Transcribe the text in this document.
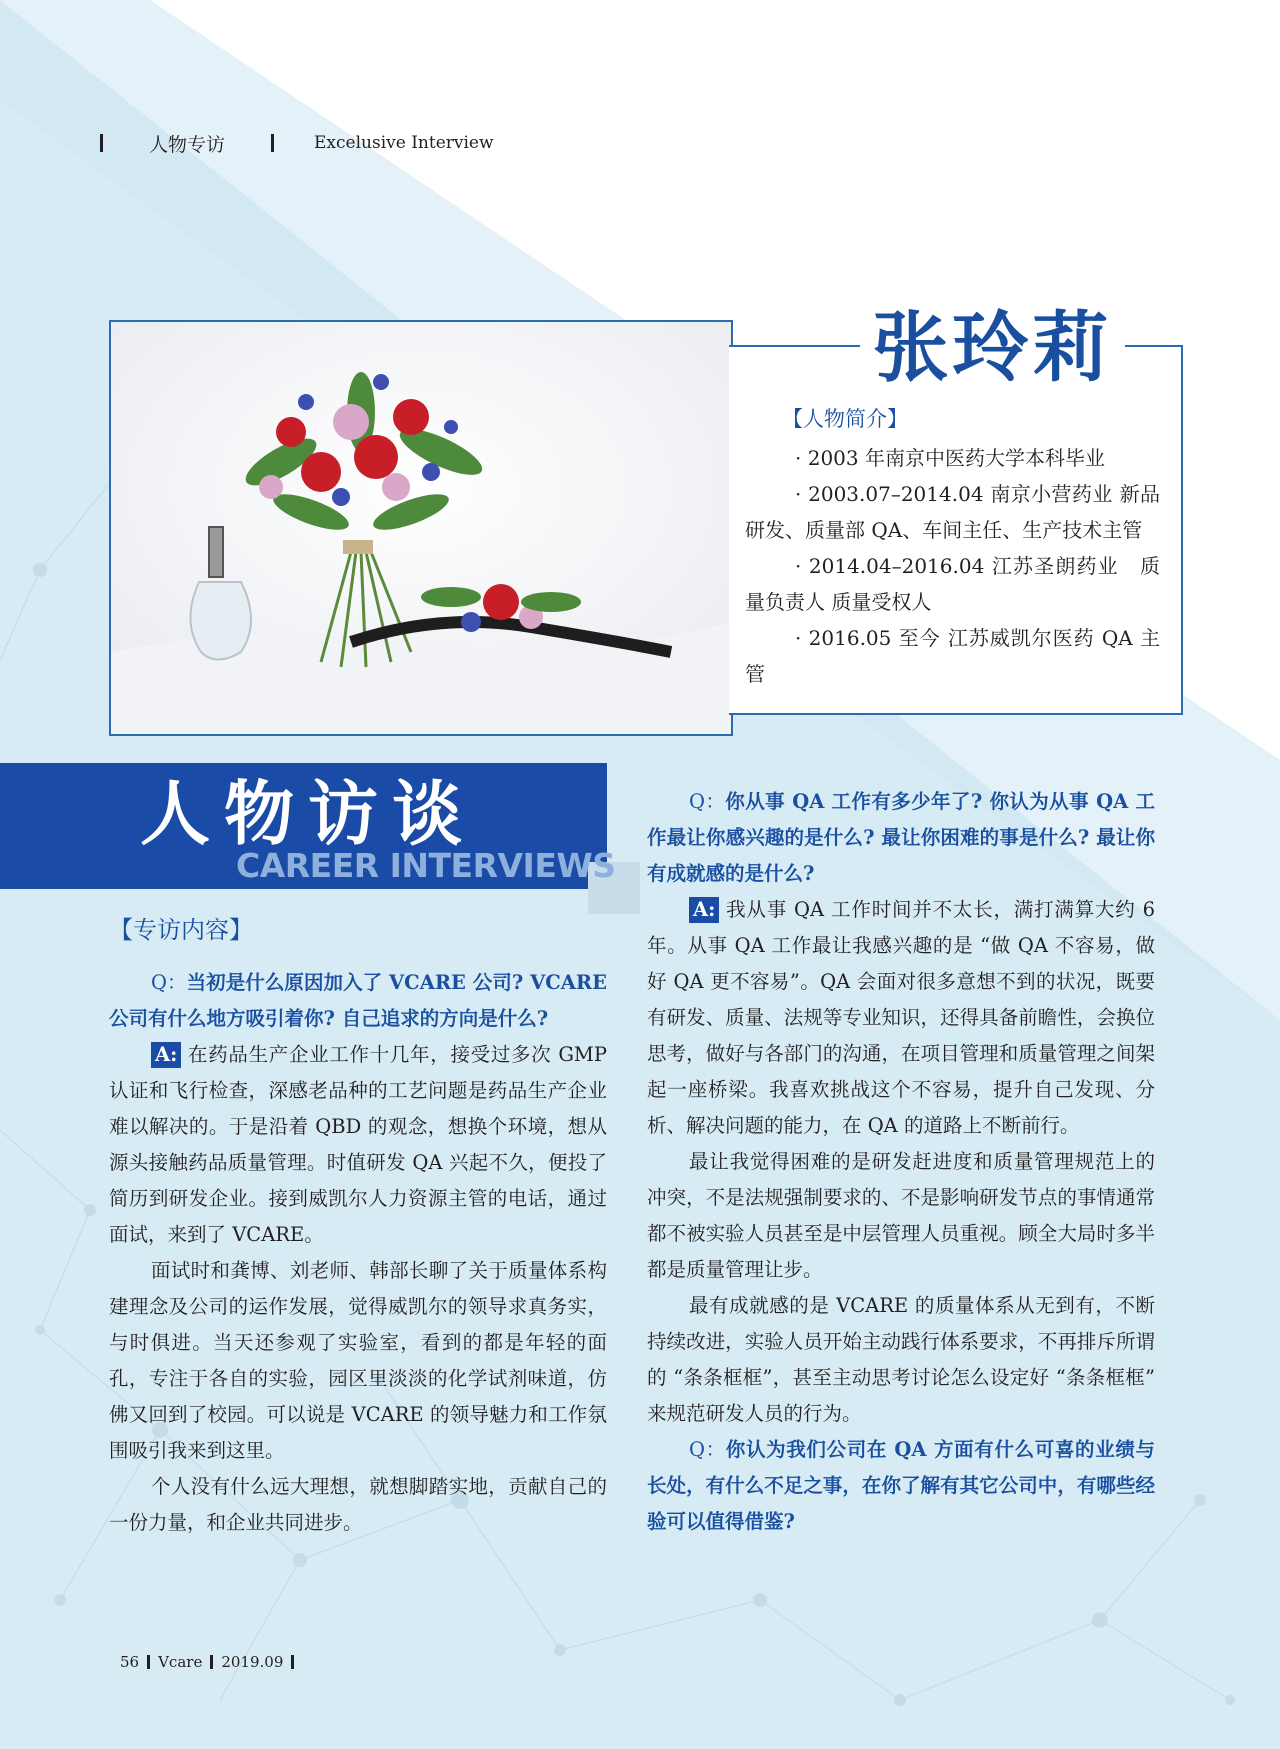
人物专访	Excelusive Interview
张玲莉
【人物简介】

· 2003 年南京中医药大学本科毕业

· 2003.07–2014.04 南京小营药业 新品研发、质量部 QA、车间主任、生产技术主管

· 2014.04–2016.04 江苏圣朗药业　质量负责人 质量受权人

· 2016.05 至今 江苏威凯尔医药 QA 主管

人物访谈
CAREER INTERVIEWS
【专访内容】

Q：当初是什么原因加入了 VCARE 公司? VCARE 公司有什么地方吸引着你? 自己追求的方向是什么?

A: 在药品生产企业工作十几年，接受过多次 GMP 认证和飞行检查，深感老品种的工艺问题是药品生产企业难以解决的。于是沿着 QBD 的观念，想换个环境，想从源头接触药品质量管理。时值研发 QA 兴起不久，便投了简历到研发企业。接到威凯尔人力资源主管的电话，通过面试，来到了 VCARE。

面试时和龚博、刘老师、韩部长聊了关于质量体系构建理念及公司的运作发展，觉得威凯尔的领导求真务实，与时俱进。当天还参观了实验室，看到的都是年轻的面孔，专注于各自的实验，园区里淡淡的化学试剂味道，仿佛又回到了校园。可以说是 VCARE 的领导魅力和工作氛围吸引我来到这里。

个人没有什么远大理想，就想脚踏实地，贡献自己的一份力量，和企业共同进步。

Q：你从事 QA 工作有多少年了? 你认为从事 QA 工作最让你感兴趣的是什么? 最让你困难的事是什么? 最让你有成就感的是什么?

A: 我从事 QA 工作时间并不太长，满打满算大约 6 年。从事 QA 工作最让我感兴趣的是 “做 QA 不容易，做好 QA 更不容易”。QA 会面对很多意想不到的状况，既要有研发、质量、法规等专业知识，还得具备前瞻性，会换位思考，做好与各部门的沟通，在项目管理和质量管理之间架起一座桥梁。我喜欢挑战这个不容易，提升自己发现、分析、解决问题的能力，在 QA 的道路上不断前行。

最让我觉得困难的是研发赶进度和质量管理规范上的冲突，不是法规强制要求的、不是影响研发节点的事情通常都不被实验人员甚至是中层管理人员重视。顾全大局时多半都是质量管理让步。

最有成就感的是 VCARE 的质量体系从无到有，不断持续改进，实验人员开始主动践行体系要求，不再排斥所谓的 “条条框框”，甚至主动思考讨论怎么设定好 “条条框框” 来规范研发人员的行为。

Q：你认为我们公司在 QA 方面有什么可喜的业绩与长处，有什么不足之事，在你了解有其它公司中，有哪些经验可以值得借鉴?

56 Vcare 2019.09
